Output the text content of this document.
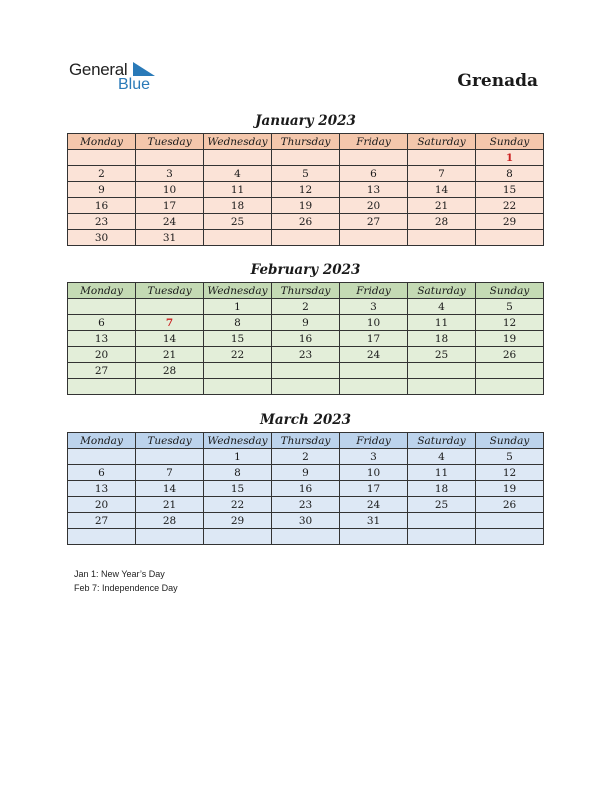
General
Blue	Grenada
January 2023
Monday	Tuesday	Wednesday	Thursday	Friday	Saturday	Sunday
						1
2	3	4	5	6	7	8
9	10	11	12	13	14	15
16	17	18	19	20	21	22
23	24	25	26	27	28	29
30	31					
February 2023
Monday	Tuesday	Wednesday	Thursday	Friday	Saturday	Sunday
		1	2	3	4	5
6	7	8	9	10	11	12
13	14	15	16	17	18	19
20	21	22	23	24	25	26
27	28					

March 2023
Monday	Tuesday	Wednesday	Thursday	Friday	Saturday	Sunday
		1	2	3	4	5
6	7	8	9	10	11	12
13	14	15	16	17	18	19
20	21	22	23	24	25	26
27	28	29	30	31		

Jan 1: New Year’s Day
Feb 7: Independence Day
